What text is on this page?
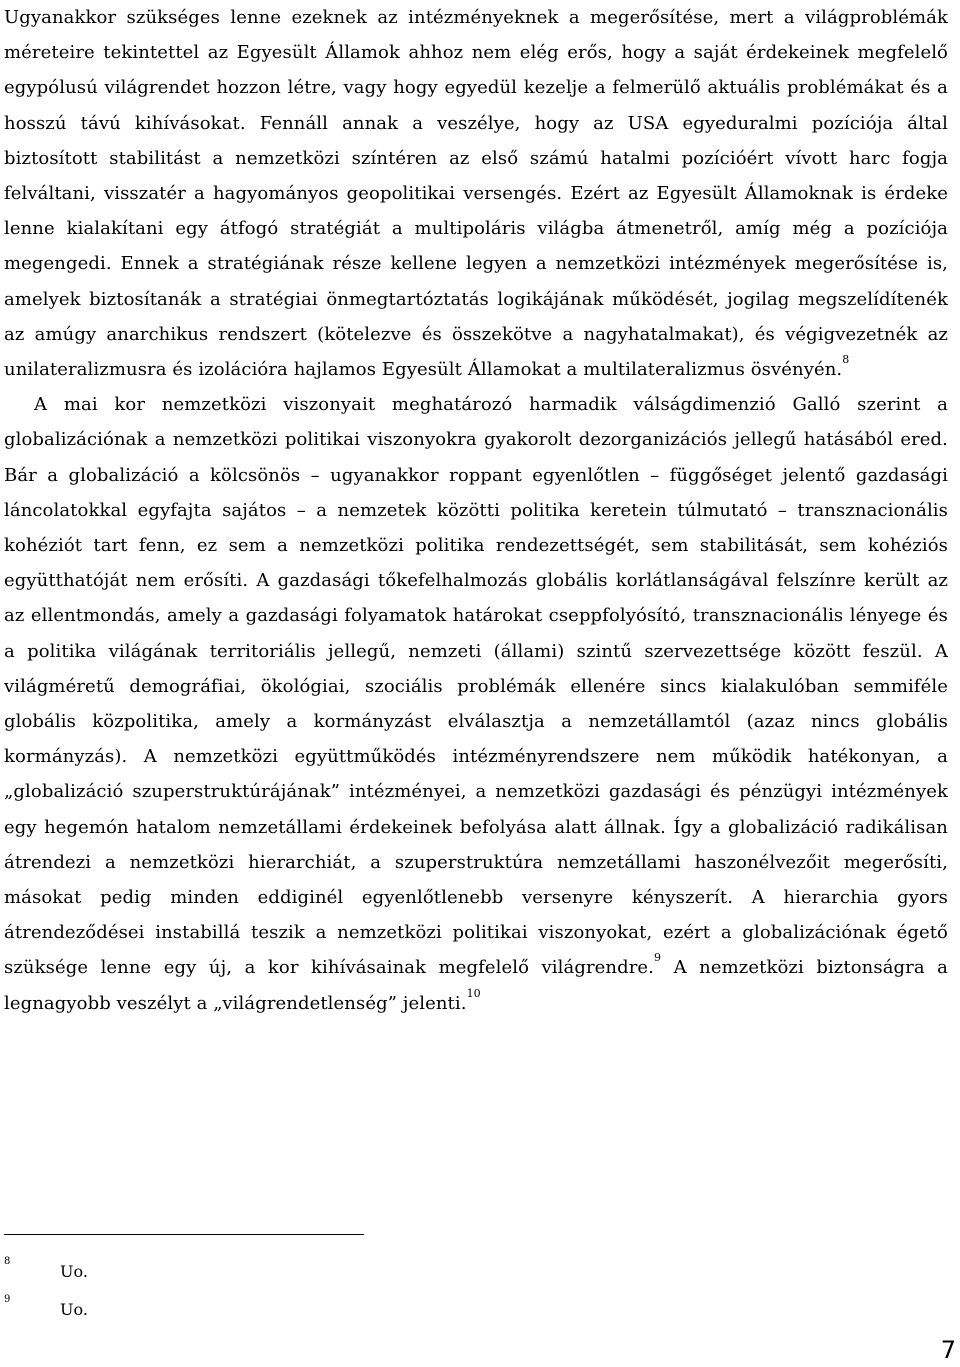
Ugyanakkor szükséges lenne ezeknek az intézményeknek a megerősítése, mert a világproblémák méreteire tekintettel az Egyesült Államok ahhoz nem elég erős, hogy a saját érdekeinek megfelelő egypólusú világrendet hozzon létre, vagy hogy egyedül kezelje a felmerülő aktuális problémákat és a hosszú távú kihívásokat. Fennáll annak a veszélye, hogy az USA egyeduralmi pozíciója által biztosított stabilitást a nemzetközi színtéren az első számú hatalmi pozícióért vívott harc fogja felváltani, visszatér a hagyományos geopolitikai versengés. Ezért az Egyesült Államoknak is érdeke lenne kialakítani egy átfogó stratégiát a multipoláris világba átmenetről, amíg még a pozíciója megengedi. Ennek a stratégiának része kellene legyen a nemzetközi intézmények megerősítése is, amelyek biztosítanák a stratégiai önmegtartóztatás logikájának működését, jogilag megszelídítenék az amúgy anarchikus rendszert (kötelezve és összekötve a nagyhatalmakat), és végigvezetnék az unilateralizmusra és izolációra hajlamos Egyesült Államokat a multilateralizmus ösvényén.$^8$

A mai kor nemzetközi viszonyait meghatározó harmadik válságdimenzió Galló szerint a globalizációnak a nemzetközi politikai viszonyokra gyakorolt dezorganizációs jellegű hatásából ered. Bár a globalizáció a kölcsönös – ugyanakkor roppant egyenlőtlen – függőséget jelentő gazdasági láncolatokkal egyfajta sajátos – a nemzetek közötti politika keretein túlmutató – transznacionális kohéziót tart fenn, ez sem a nemzetközi politika rendezettségét, sem stabilitását, sem kohéziós együtthatóját nem erősíti. A gazdasági tőkefelhalmozás globális korlátlanságával felszínre került az az ellentmondás, amely a gazdasági folyamatok határokat cseppfolyósító, transznacionális lényege és a politika világának territoriális jellegű, nemzeti (állami) szintű szervezettsége között feszül. A világméretű demográfiai, ökológiai, szociális problémák ellenére sincs kialakulóban semmiféle globális közpolitika, amely a kormányzást elválasztja a nemzetállamtól (azaz nincs globális kormányzás). A nemzetközi együttműködés intézményrendszere nem működik hatékonyan, a „globalizáció szuperstruktúrájának” intézményei, a nemzetközi gazdasági és pénzügyi intézmények egy hegemón hatalom nemzetállami érdekeinek befolyása alatt állnak. Így a globalizáció radikálisan átrendezi a nemzetközi hierarchiát, a szuperstruktúra nemzetállami haszonélvezőit megerősíti, másokat pedig minden eddiginél egyenlőtlenebb versenyre kényszerít. A hierarchia gyors átrendeződései instabillá teszik a nemzetközi politikai viszonyokat, ezért a globalizációnak égető szüksége lenne egy új, a kor kihívásainak megfelelő világrendre.$^9$ A nemzetközi biztonságra a legnagyobb veszélyt a „világrendetlenség” jelenti.$^{10}$

8
Uo.
9
Uo.
7
